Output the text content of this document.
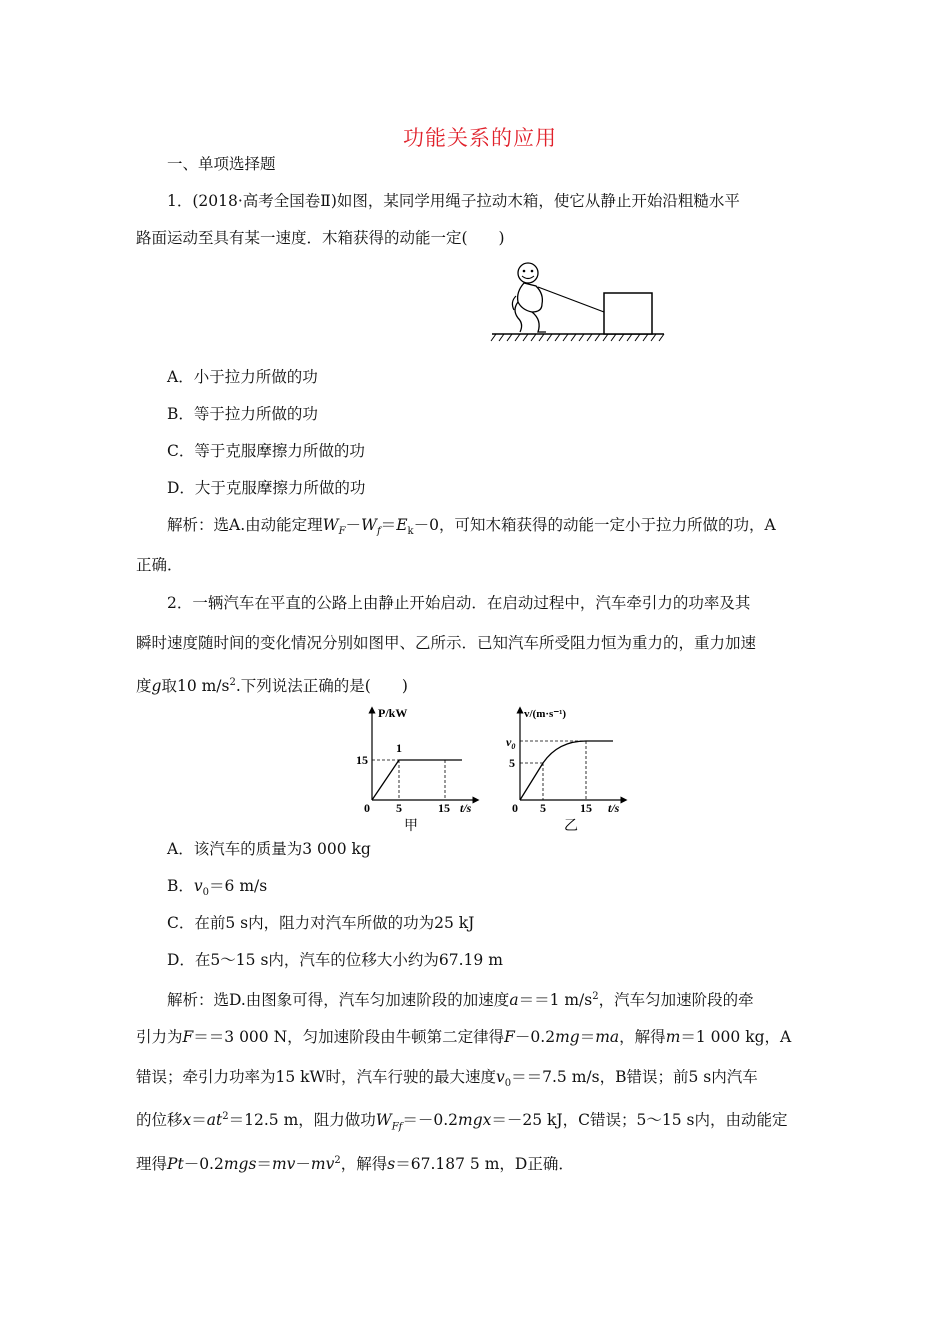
功能关系的应用
一、单项选择题
1．(2018·高考全国卷Ⅱ)如图，某同学用绳子拉动木箱，使它从静止开始沿粗糙水平
路面运动至具有某一速度．木箱获得的动能一定(　　)
A．小于拉力所做的功
B．等于拉力所做的功
C．等于克服摩擦力所做的功
D．大于克服摩擦力所做的功
解析：选A.由动能定理$W_F-W_f=E_k-0$，可知木箱获得的动能一定小于拉力所做的功，A
正确．
2．一辆汽车在平直的公路上由静止开始启动．在启动过程中，汽车牵引力的功率及其
瞬时速度随时间的变化情况分别如图甲、乙所示．已知汽车所受阻力恒为重力的，重力加速
度g取10 $m/s^2$.下列说法正确的是(　　)
P/kW
t/s
15
1
0 5	15
甲
v/(m·s⁻¹)
t/s
$v_0$
5
0 5	15
乙
A．该汽车的质量为3 000 kg
B．$v_0=6$ m/s
C．在前5 s内，阻力对汽车所做的功为25 kJ
D．在5～15 s内，汽车的位移大小约为67.19 m
解析：选D.由图象可得，汽车匀加速阶段的加速度a＝＝1 $m/s^2$，汽车匀加速阶段的牵
引力为F＝＝3 000 N，匀加速阶段由牛顿第二定律得F－0.2mg＝ma，解得m＝1 000 kg，A
错误；牵引力功率为15 kW时，汽车行驶的最大速度$v_0==7.5$ m/s，B错误；前5 s内汽车
的位移$x=at^2=12.5$ m，阻力做功$W_{Ff}=-0.2mgx=-25$ kJ，C错误；5～15 s内，由动能定
理得$Pt-0.2mgs=mv-mv^2$，解得s＝67.187 5 m，D正确．
